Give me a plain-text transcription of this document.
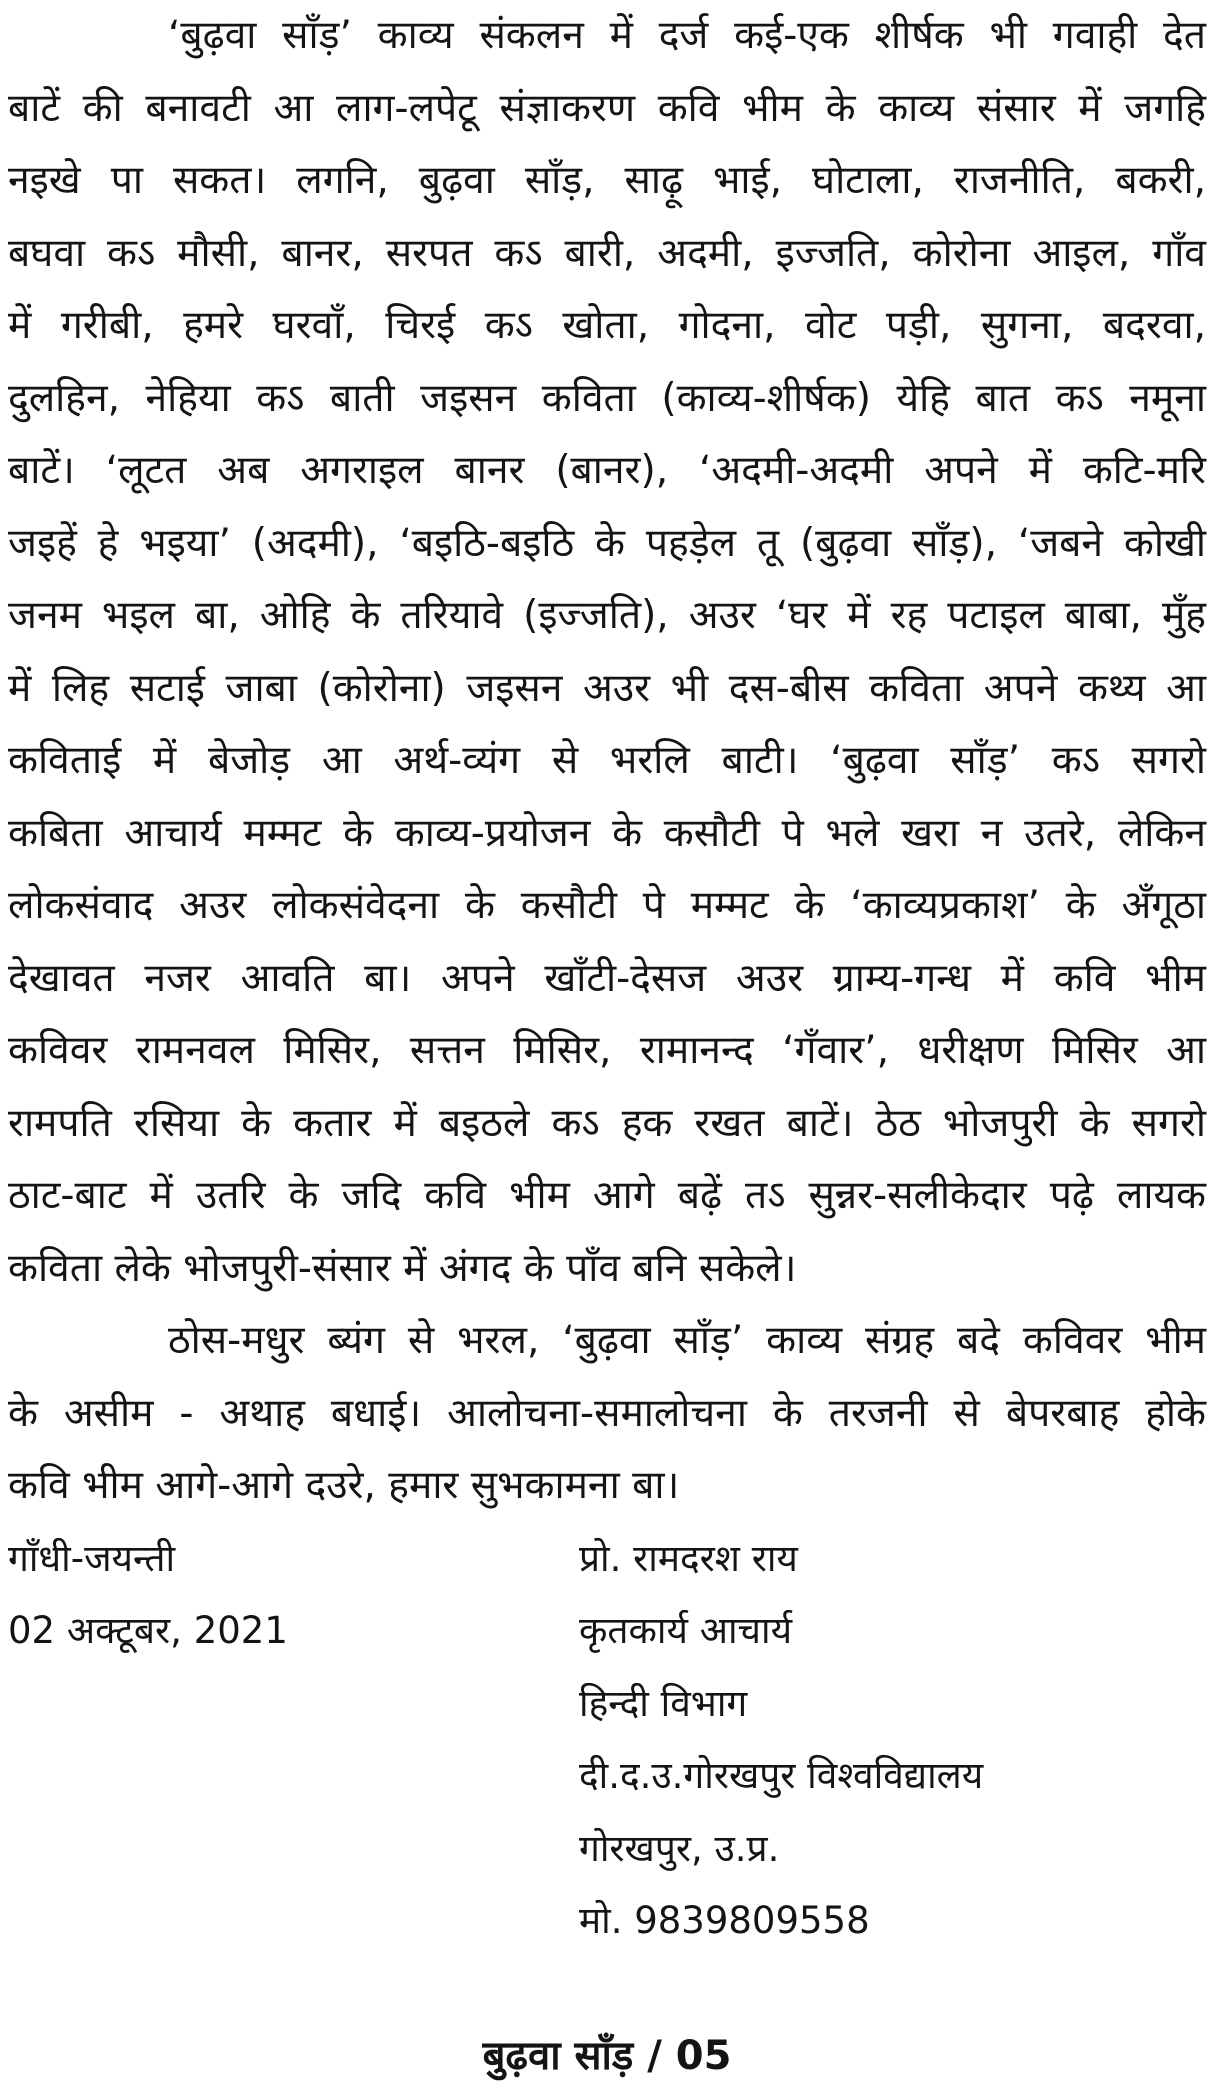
‘बुढ़वा साँड़’ काव्य संकलन में दर्ज कई-एक शीर्षक भी गवाही देत
बाटें की बनावटी आ लाग-लपेटू संज्ञाकरण कवि भीम के काव्य संसार में जगहि
नइखे पा सकत। लगनि, बुढ़वा साँड़, साढ़ू भाई, घोटाला, राजनीति, बकरी,
बघवा कऽ मौसी, बानर, सरपत कऽ बारी, अदमी, इज्जति, कोरोना आइल, गाँव
में गरीबी, हमरे घरवाँ, चिरई कऽ खोता, गोदना, वोट पड़ी, सुगना, बदरवा,
दुलहिन, नेहिया कऽ बाती जइसन कविता (काव्य-शीर्षक) येहि बात कऽ नमूना
बाटें। ‘लूटत अब अगराइल बानर (बानर), ‘अदमी-अदमी अपने में कटि-मरि
जइहें हे भइया’ (अदमी), ‘बइठि-बइठि के पहड़ेल तू (बुढ़वा साँड़), ‘जबने कोखी
जनम भइल बा, ओहि के तरियावे (इज्जति), अउर ‘घर में रह पटाइल बाबा, मुँह
में लिह सटाई जाबा (कोरोना) जइसन अउर भी दस-बीस कविता अपने कथ्य आ
कविताई में बेजोड़ आ अर्थ-व्यंग से भरलि बाटी। ‘बुढ़वा साँड़’ कऽ सगरो
कबिता आचार्य मम्मट के काव्य-प्रयोजन के कसौटी पे भले खरा न उतरे, लेकिन
लोकसंवाद अउर लोकसंवेदना के कसौटी पे मम्मट के ‘काव्यप्रकाश’ के अँगूठा
देखावत नजर आवति बा। अपने खाँटी-देसज अउर ग्राम्य-गन्ध में कवि भीम
कविवर रामनवल मिसिर, सत्तन मिसिर, रामानन्द ‘गँवार’, धरीक्षण मिसिर आ
रामपति रसिया के कतार में बइठले कऽ हक रखत बाटें। ठेठ भोजपुरी के सगरो
ठाट-बाट में उतरि के जदि कवि भीम आगे बढ़ें तऽ सुन्नर-सलीकेदार पढ़े लायक
कविता लेके भोजपुरी-संसार में अंगद के पाँव बनि सकेले।
ठोस-मधुर ब्यंग से भरल, ‘बुढ़वा साँड़’ काव्य संग्रह बदे कविवर भीम
के असीम - अथाह बधाई। आलोचना-समालोचना के तरजनी से बेपरबाह होके
कवि भीम आगे-आगे दउरे, हमार सुभकामना बा।
गाँधी-जयन्ती	प्रो. रामदरश राय
02 अक्टूबर, 2021	कृतकार्य आचार्य
हिन्दी विभाग
दी.द.उ.गोरखपुर विश्वविद्यालय
गोरखपुर, उ.प्र.
मो. 9839809558
बुढ़वा साँड़ / 05
